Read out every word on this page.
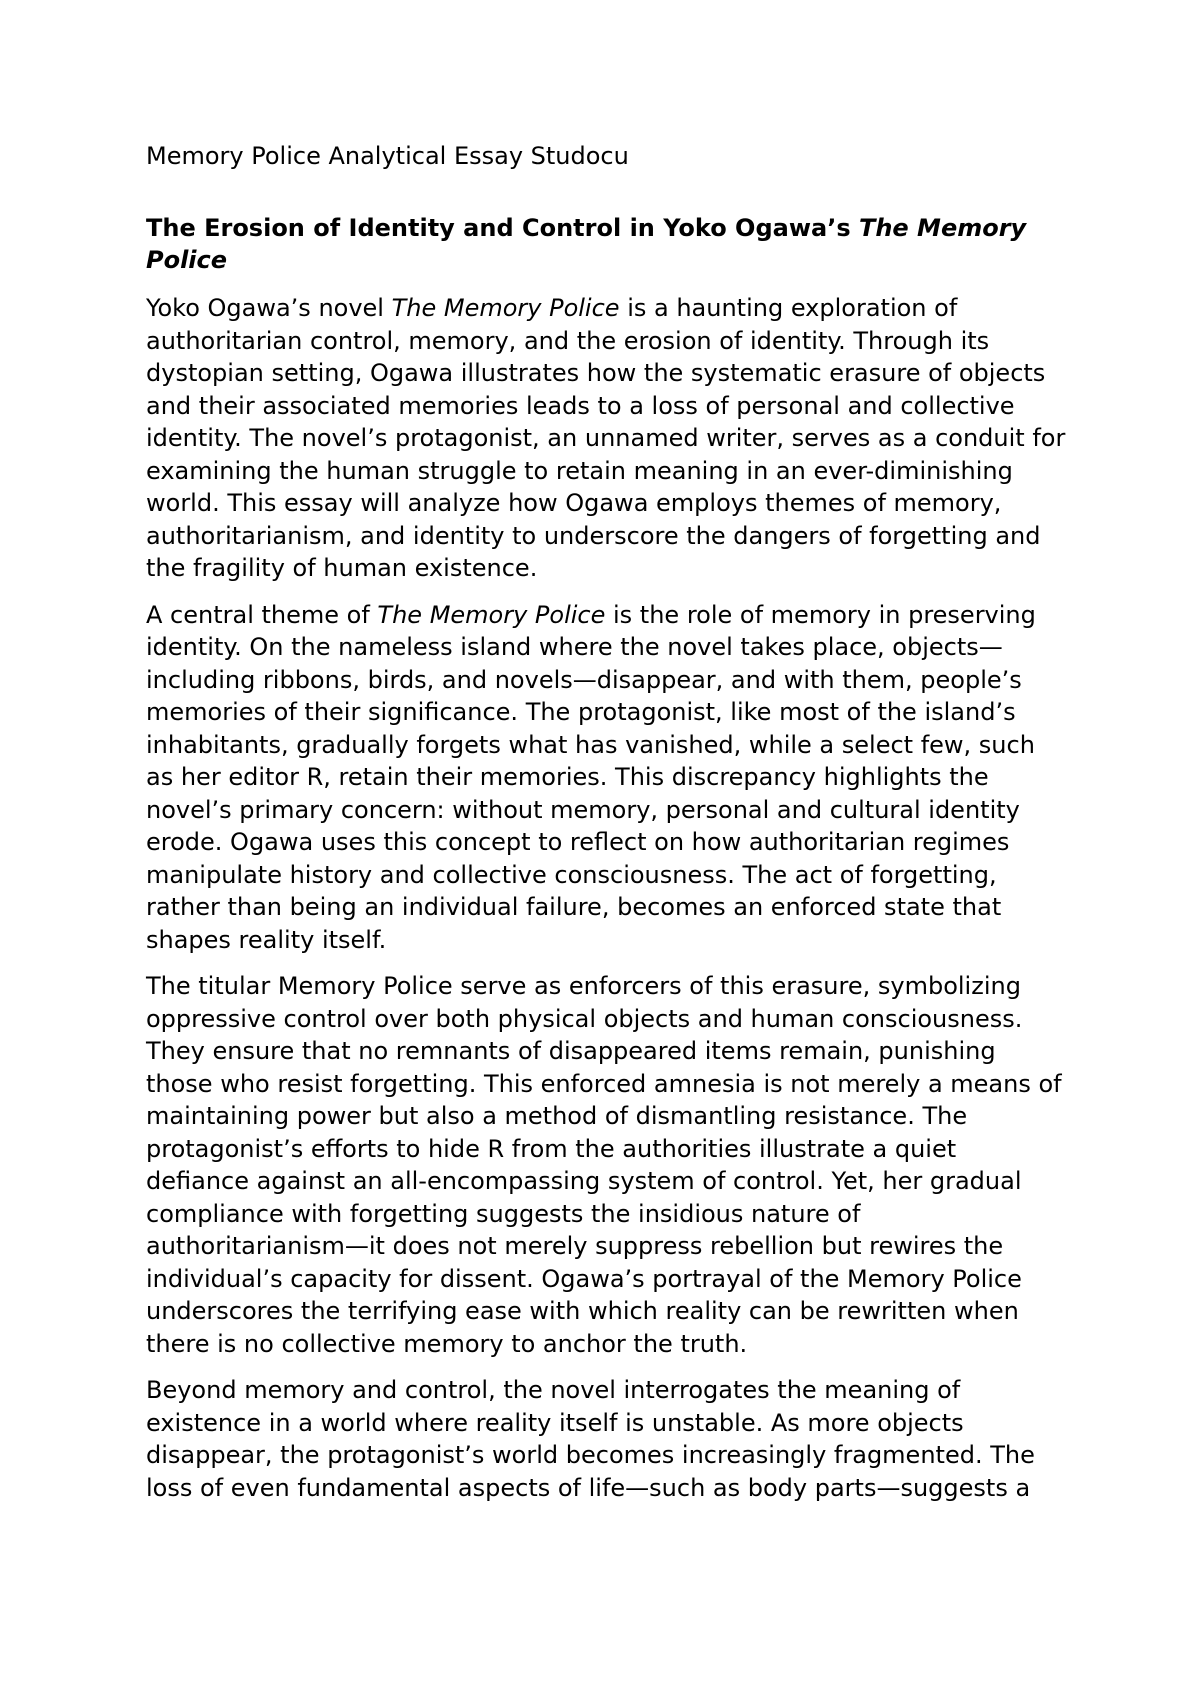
Memory Police Analytical Essay Studocu
The Erosion of Identity and Control in Yoko Ogawa’s The Memory Police

Yoko Ogawa’s novel The Memory Police is a haunting exploration of authoritarian control, memory, and the erosion of identity. Through its dystopian setting, Ogawa illustrates how the systematic erasure of objects and their associated memories leads to a loss of personal and collective identity. The novel’s protagonist, an unnamed writer, serves as a conduit for examining the human struggle to retain meaning in an ever-diminishing world. This essay will analyze how Ogawa employs themes of memory, authoritarianism, and identity to underscore the dangers of forgetting and the fragility of human existence.

A central theme of The Memory Police is the role of memory in preserving identity. On the nameless island where the novel takes place, objects—including ribbons, birds, and novels—disappear, and with them, people’s memories of their significance. The protagonist, like most of the island’s inhabitants, gradually forgets what has vanished, while a select few, such as her editor R, retain their memories. This discrepancy highlights the novel’s primary concern: without memory, personal and cultural identity erode. Ogawa uses this concept to reflect on how authoritarian regimes manipulate history and collective consciousness. The act of forgetting, rather than being an individual failure, becomes an enforced state that shapes reality itself.

The titular Memory Police serve as enforcers of this erasure, symbolizing oppressive control over both physical objects and human consciousness. They ensure that no remnants of disappeared items remain, punishing those who resist forgetting. This enforced amnesia is not merely a means of maintaining power but also a method of dismantling resistance. The protagonist’s efforts to hide R from the authorities illustrate a quiet defiance against an all-encompassing system of control. Yet, her gradual compliance with forgetting suggests the insidious nature of authoritarianism—it does not merely suppress rebellion but rewires the individual’s capacity for dissent. Ogawa’s portrayal of the Memory Police underscores the terrifying ease with which reality can be rewritten when there is no collective memory to anchor the truth.

Beyond memory and control, the novel interrogates the meaning of existence in a world where reality itself is unstable. As more objects disappear, the protagonist’s world becomes increasingly fragmented. The loss of even fundamental aspects of life—such as body parts—suggests a
